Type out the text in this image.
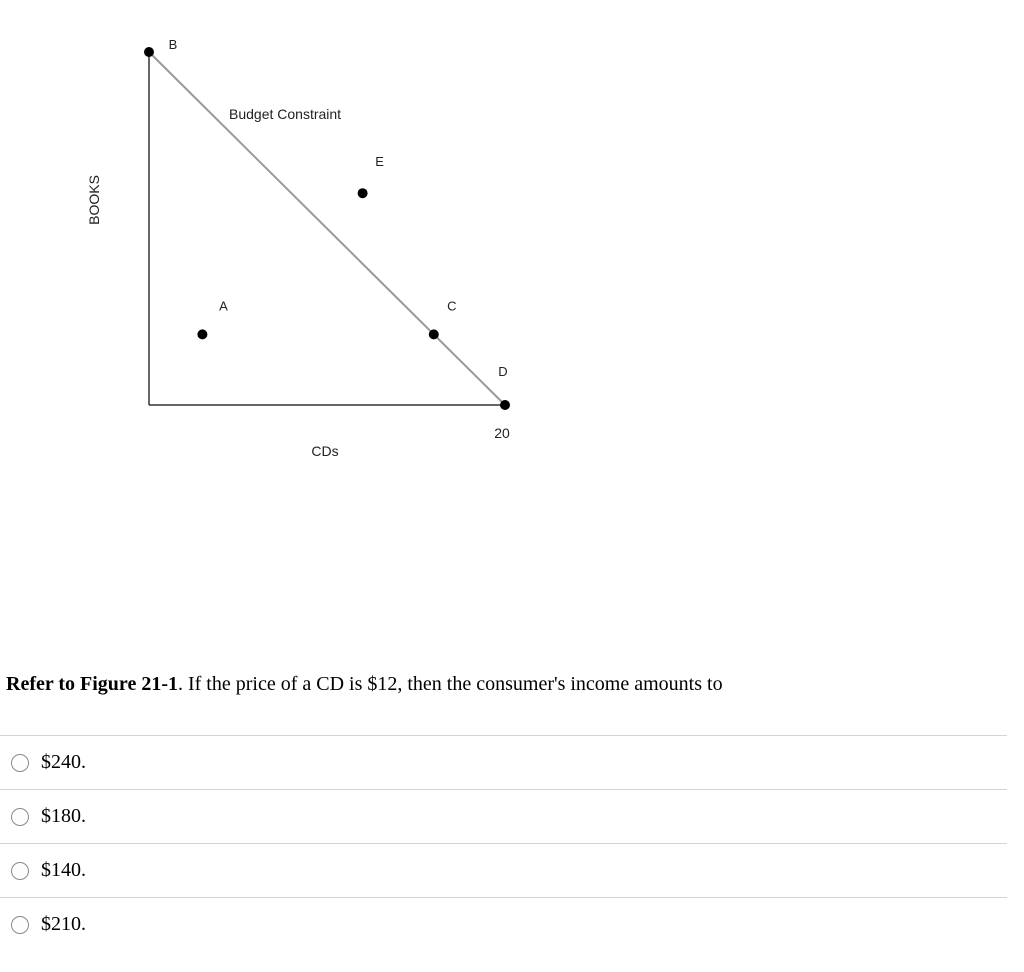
Budget Constraint
BOOKS
CDs
20
B
E
A	C
D

Refer to Figure 21-1. If the price of a CD is $12, then the consumer's income amounts to

$240.
$180.
$140.
$210.
